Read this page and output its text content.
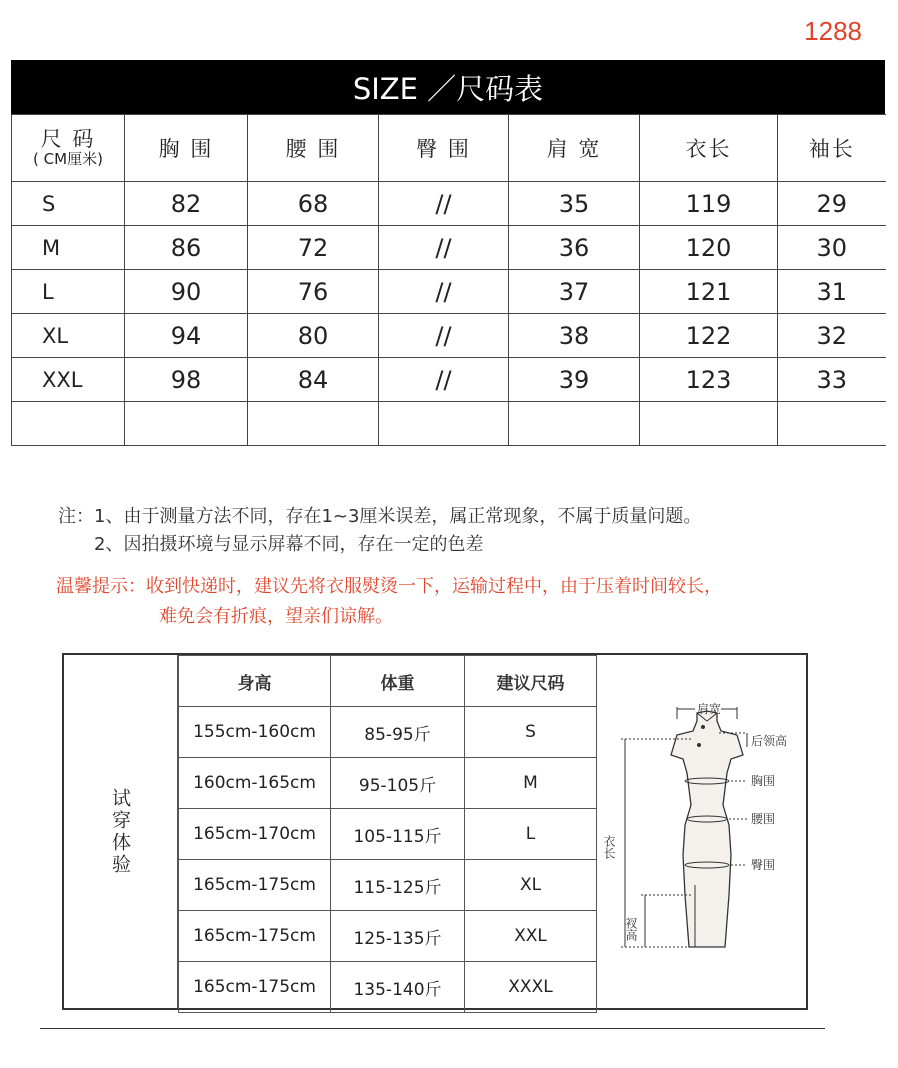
1288
SIZE ／尺码表
尺 码
( CM厘米)	胸 围	腰 围	臀 围	肩 宽	衣长	袖长
S	82	68	//	35	119	29
M	86	72	//	36	120	30
L	90	76	//	37	121	31
XL	94	80	//	38	122	32
XXL	98	84	//	39	123	33

注：1、由于测量方法不同，存在1~3厘米误差，属正常现象，不属于质量问题。
2、因拍摄环境与显示屏幕不同，存在一定的色差
温馨提示：收到快递时，建议先将衣服熨烫一下，运输过程中，由于压着时间较长，
难免会有折痕，望亲们谅解。
试穿体验
身高	体重	建议尺码
155cm-160cm	85-95斤	S
160cm-165cm	95-105斤	M
165cm-170cm	105-115斤	L
165cm-175cm	115-125斤	XL
165cm-175cm	125-135斤	XXL
165cm-175cm	135-140斤	XXXL
肩宽
后领高
胸围
腰围
臀围
衣长
衩高
